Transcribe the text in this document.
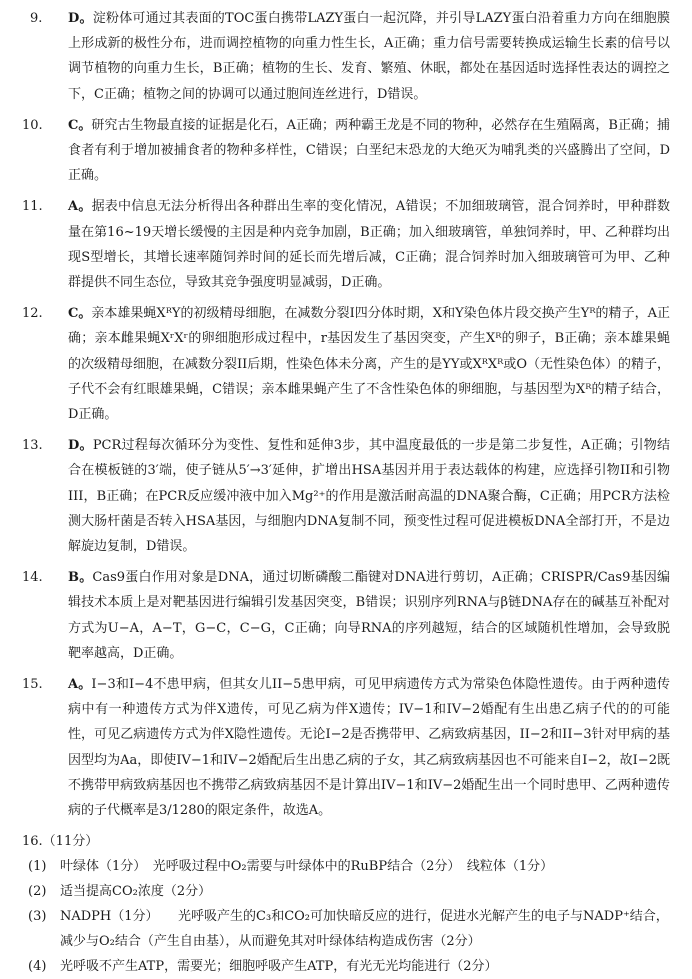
9. D。淀粉体可通过其表面的TOC蛋白携带LAZY蛋白一起沉降，并引导LAZY蛋白沿着重力方向在细胞膜上形成新的极性分布，进而调控植物的向重力性生长，A正确；重力信号需要转换成运输生长素的信号以调节植物的向重力生长，B正确；植物的生长、发育、繁殖、休眠，都处在基因适时选择性表达的调控之下，C正确；植物之间的协调可以通过胞间连丝进行，D错误。
10. C。研究古生物最直接的证据是化石，A正确；两种霸王龙是不同的物种，必然存在生殖隔离，B正确；捕食者有利于增加被捕食者的物种多样性，C错误；白垩纪末恐龙的大绝灭为哺乳类的兴盛腾出了空间，D正确。
11. A。据表中信息无法分析得出各种群出生率的变化情况，A错误；不加细玻璃管，混合饲养时，甲种群数量在第16~19天增长缓慢的主因是种内竞争加剧，B正确；加入细玻璃管，单独饲养时，甲、乙种群均出现S型增长，其增长速率随饲养时间的延长而先增后减，C正确；混合饲养时加入细玻璃管可为甲、乙种群提供不同生态位，导致其竞争强度明显减弱，D正确。
12. C。亲本雄果蝇XᴿY的初级精母细胞，在减数分裂I四分体时期，X和Y染色体片段交换产生Yᴿ的精子，A正确；亲本雌果蝇XʳXʳ的卵细胞形成过程中，r基因发生了基因突变，产生Xᴿ的卵子，B正确；亲本雄果蝇的次级精母细胞，在减数分裂II后期，性染色体未分离，产生的是YY或XᴿXᴿ或O（无性染色体）的精子，子代不会有红眼雄果蝇，C错误；亲本雌果蝇产生了不含性染色体的卵细胞，与基因型为Xᴿ的精子结合，D正确。
13. D。PCR过程每次循环分为变性、复性和延伸3步，其中温度最低的一步是第二步复性，A正确；引物结合在模板链的3′端，使子链从5′→3′延伸，扩增出HSA基因并用于表达载体的构建，应选择引物II和引物III，B正确；在PCR反应缓冲液中加入Mg²⁺的作用是激活耐高温的DNA聚合酶，C正确；用PCR方法检测大肠杆菌是否转入HSA基因，与细胞内DNA复制不同，预变性过程可促进模板DNA全部打开，不是边解旋边复制，D错误。
14. B。Cas9蛋白作用对象是DNA，通过切断磷酸二酯键对DNA进行剪切，A正确；CRISPR/Cas9基因编辑技术本质上是对靶基因进行编辑引发基因突变，B错误；识别序列RNA与β链DNA存在的碱基互补配对方式为U−A，A−T，G−C，C−G，C正确；向导RNA的序列越短，结合的区域随机性增加，会导致脱靶率越高，D正确。
15. A。I−3和I−4不患甲病，但其女儿II−5患甲病，可见甲病遗传方式为常染色体隐性遗传。由于两种遗传病中有一种遗传方式为伴X遗传，可见乙病为伴X遗传；IV−1和IV−2婚配有生出患乙病子代的的可能性，可见乙病遗传方式为伴X隐性遗传。无论I−2是否携带甲、乙病致病基因，II−2和II−3针对甲病的基因型均为Aa，即使IV−1和IV−2婚配后生出患乙病的子女，其乙病致病基因也不可能来自I−2，故I−2既不携带甲病致病基因也不携带乙病致病基因不是计算出IV−1和IV−2婚配生出一个同时患甲、乙两种遗传病的子代概率是3/1280的限定条件，故选A。
16.（11分）
(1) 叶绿体（1分）　光呼吸过程中O₂需要与叶绿体中的RuBP结合（2分）　线粒体（1分）
(2) 适当提高CO₂浓度（2分）
(3) NADPH（1分）　　光呼吸产生的C₃和CO₂可加快暗反应的进行，促进水光解产生的电子与NADP⁺结合，减少与O₂结合（产生自由基），从而避免其对叶绿体结构造成伤害（2分）
(4) 光呼吸不产生ATP，需要光；细胞呼吸产生ATP，有光无光均能进行（2分）
